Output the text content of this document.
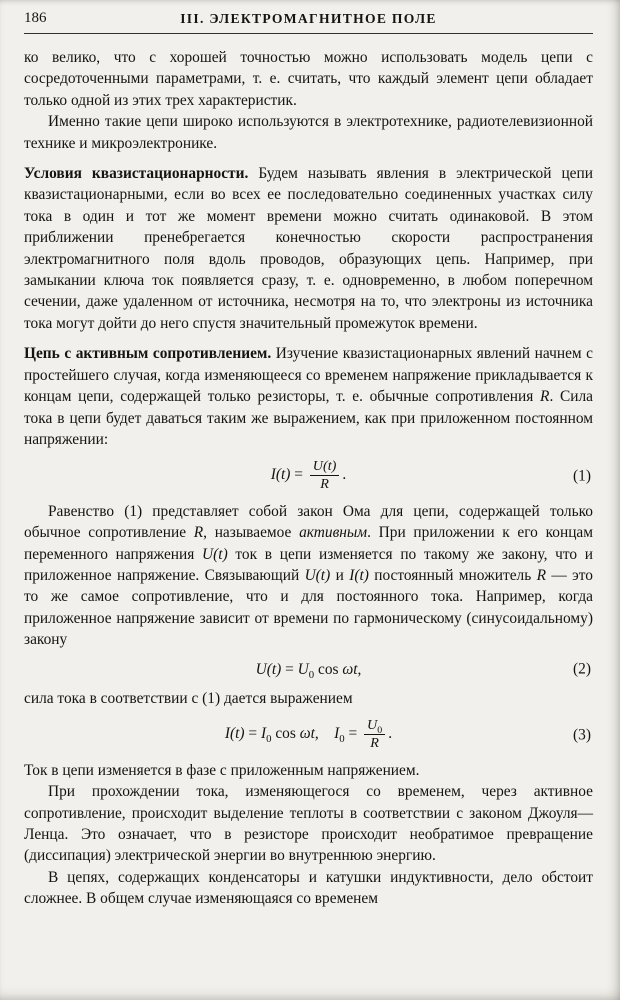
186	III. ЭЛЕКТРОМАГНИТНОЕ ПОЛЕ

ко велико, что с хорошей точностью можно использовать модель цепи с сосредоточенными параметрами, т. е. считать, что каждый элемент цепи обладает только одной из этих трех характеристик.

Именно такие цепи широко используются в электротехнике, радиотелевизионной технике и микроэлектронике.

Условия квазистационарности. Будем называть явления в электрической цепи квазистационарными, если во всех ее последовательно соединенных участках силу тока в один и тот же момент времени можно считать одинаковой. В этом приближении пренебрегается конечностью скорости распространения электромагнитного поля вдоль проводов, образующих цепь. Например, при замыкании ключа ток появляется сразу, т. е. одновременно, в любом поперечном сечении, даже удаленном от источника, несмотря на то, что электроны из источника тока могут дойти до него спустя значительный промежуток времени.

Цепь с активным сопротивлением. Изучение квазистационарных явлений начнем с простейшего случая, когда изменяющееся со временем напряжение прикладывается к концам цепи, содержащей только резисторы, т. е. обычные сопротивления R. Сила тока в цепи будет даваться таким же выражением, как при приложенном постоянном напряжении:

$I(t) = \frac{U(t)}{R}$ .	(1)

Равенство (1) представляет собой закон Ома для цепи, содержащей только обычное сопротивление R, называемое активным. При приложении к его концам переменного напряжения U(t) ток в цепи изменяется по такому же закону, что и приложенное напряжение. Связывающий U(t) и I(t) постоянный множитель R — это то же самое сопротивление, что и для постоянного тока. Например, когда приложенное напряжение зависит от времени по гармоническому (синусоидальному) закону

$U(t) = U_0$ cos ωt,	(2)

сила тока в соответствии с (1) дается выражением

$I(t) = I_0$ cos ωt, $I_0 = \frac{U_0}{R}$ .	(3)

Ток в цепи изменяется в фазе с приложенным напряжением.

При прохождении тока, изменяющегося со временем, через активное сопротивление, происходит выделение теплоты в соответствии с законом Джоуля—Ленца. Это означает, что в резисторе происходит необратимое превращение (диссипация) электрической энергии во внутреннюю энергию.

В цепях, содержащих конденсаторы и катушки индуктивности, дело обстоит сложнее. В общем случае изменяющаяся со временем
